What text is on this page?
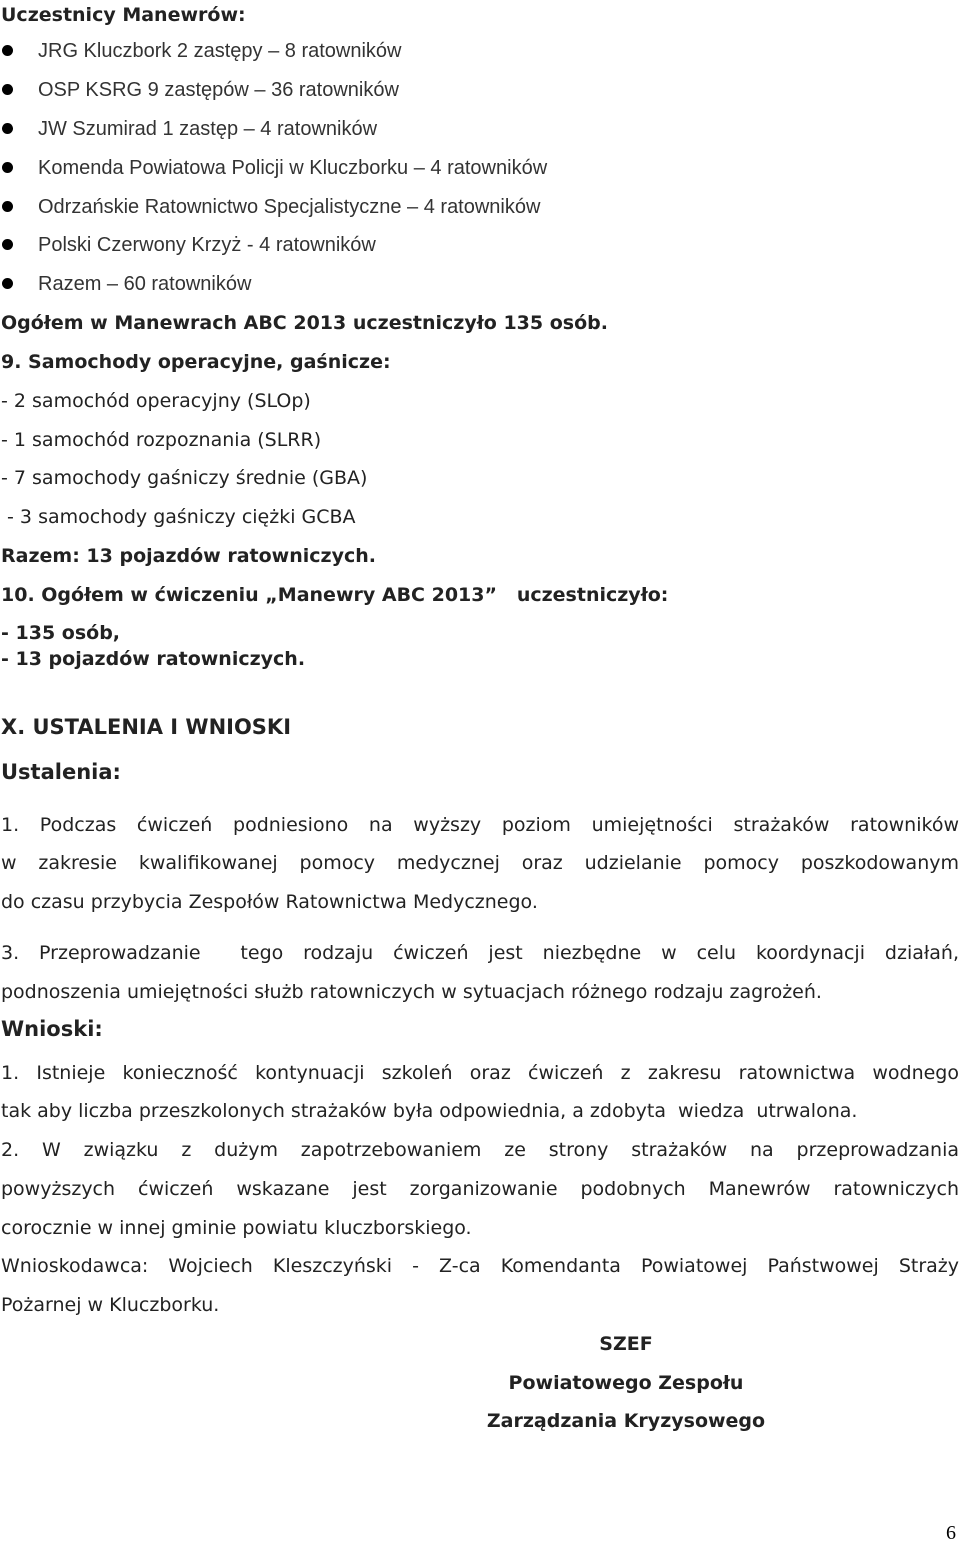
Uczestnicy Manewrów:
JRG Kluczbork 2 zastępy – 8 ratowników
OSP KSRG 9 zastępów – 36 ratowników
JW Szumirad 1 zastęp – 4 ratowników
Komenda Powiatowa Policji w Kluczborku – 4 ratowników
Odrzańskie Ratownictwo Specjalistyczne – 4 ratowników
Polski Czerwony Krzyż - 4 ratowników
Razem – 60 ratowników
Ogółem w Manewrach ABC 2013 uczestniczyło 135 osób.
9. Samochody operacyjne, gaśnicze:
- 2 samochód operacyjny (SLOp)
- 1 samochód rozpoznania (SLRR)
- 7 samochody gaśniczy średnie (GBA)
- 3 samochody gaśniczy ciężki GCBA
Razem: 13 pojazdów ratowniczych.
10. Ogółem w ćwiczeniu „Manewry ABC 2013”   uczestniczyło:
- 135 osób,
- 13 pojazdów ratowniczych.
X. USTALENIA I WNIOSKI
Ustalenia:
1. Podczas ćwiczeń podniesiono na wyższy poziom umiejętności strażaków ratowników
w zakresie kwalifikowanej pomocy medycznej oraz udzielanie pomocy poszkodowanym
do czasu przybycia Zespołów Ratownictwa Medycznego.
3. Przeprowadzanie  tego rodzaju ćwiczeń jest niezbędne w celu koordynacji działań,
podnoszenia umiejętności służb ratowniczych w sytuacjach różnego rodzaju zagrożeń.
Wnioski:
1. Istnieje konieczność kontynuacji szkoleń oraz ćwiczeń z zakresu ratownictwa wodnego
tak aby liczba przeszkolonych strażaków była odpowiednia, a zdobyta  wiedza  utrwalona.
2. W związku z dużym zapotrzebowaniem ze strony strażaków na przeprowadzania
powyższych ćwiczeń wskazane jest zorganizowanie podobnych Manewrów ratowniczych
corocznie w innej gminie powiatu kluczborskiego.
Wnioskodawca: Wojciech Kleszczyński - Z-ca Komendanta Powiatowej Państwowej Straży
Pożarnej w Kluczborku.
SZEF
Powiatowego Zespołu
Zarządzania Kryzysowego
6
